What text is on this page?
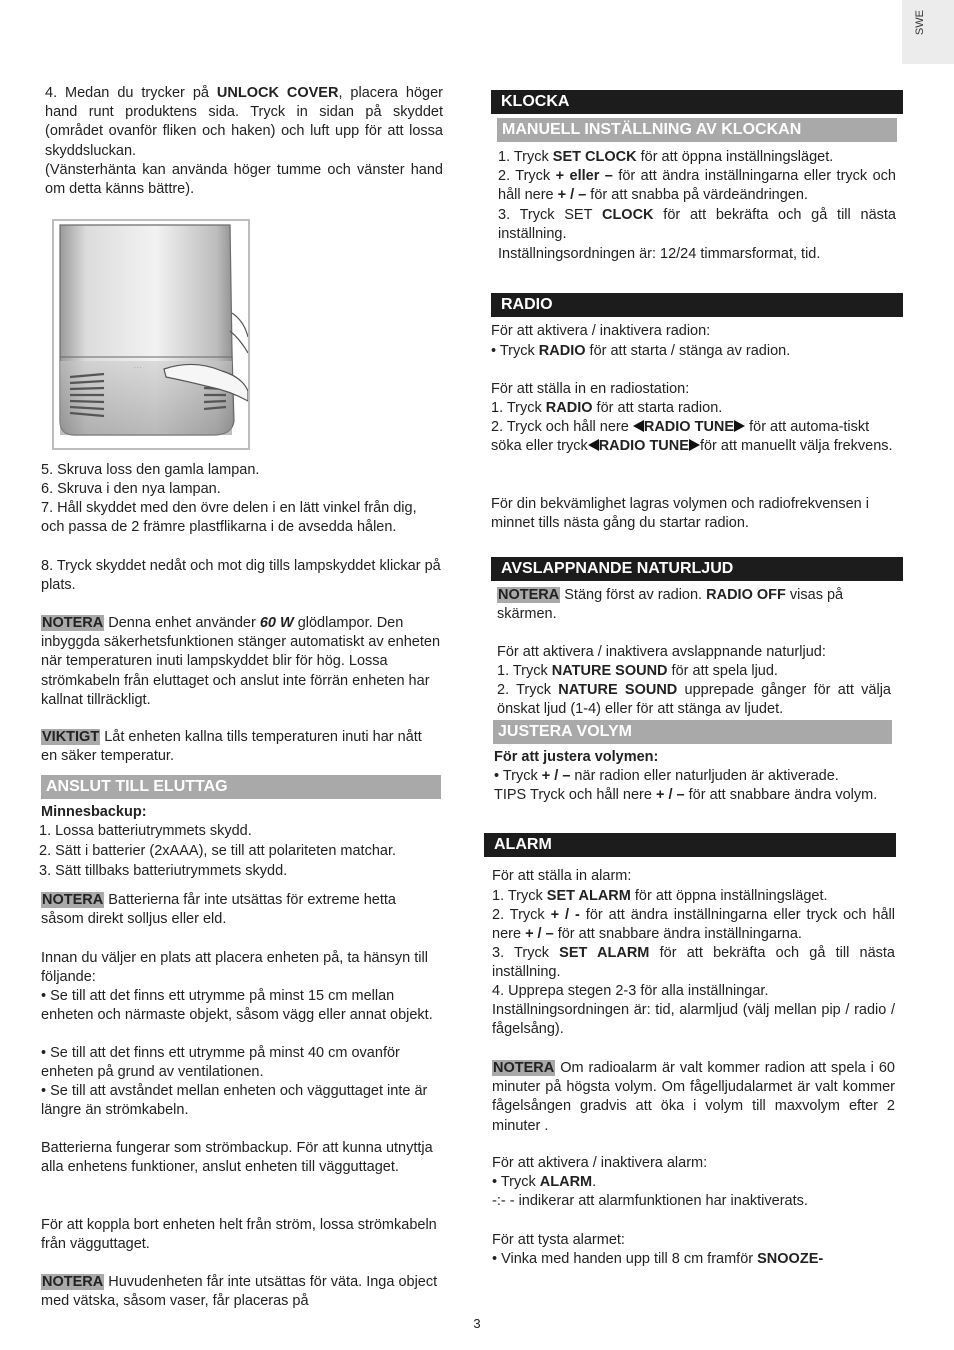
SWE
4. Medan du trycker på UNLOCK COVER, placera höger hand runt produktens sida. Tryck in sidan på skyddet (området ovanför fliken och haken) och luft upp för att lossa skyddsluckan.
(Vänsterhänta kan använda höger tumme och vänster hand om detta känns bättre).
· · ·
5. Skruva loss den gamla lampan.
6. Skruva i den nya lampan.
7. Håll skyddet med den övre delen i en lätt vinkel från dig, och passa de 2 främre plastflikarna i de avsedda hålen.
8. Tryck skyddet nedåt och mot dig tills lampskyddet klickar på plats.
NOTERA Denna enhet använder 60 W glödlampor. Den inbyggda säkerhetsfunktionen stänger automatiskt av enheten när temperaturen inuti lampskyddet blir för hög. Lossa strömkabeln från eluttaget och anslut inte förrän enheten har kallnat tillräckligt.
VIKTIGT Låt enheten kallna tills temperaturen inuti har nått en säker temperatur.
ANSLUT TILL ELUTTAG
Minnesbackup:
1. Lossa batteriutrymmets skydd.
2. Sätt i batterier (2xAAA), se till att polariteten matchar.
3. Sätt tillbaks batteriutrymmets skydd.
NOTERA Batterierna får inte utsättas för extreme hetta såsom direkt solljus eller eld.
Innan du väljer en plats att placera enheten på, ta hänsyn till följande:
• Se till att det finns ett utrymme på minst 15 cm mellan enheten och närmaste objekt, såsom vägg eller annat objekt.
• Se till att det finns ett utrymme på minst 40 cm ovanför enheten på grund av ventilationen.
• Se till att avståndet mellan enheten och vägguttaget inte är längre än strömkabeln.
Batterierna fungerar som strömbackup. För att kunna utnyttja alla enhetens funktioner, anslut enheten till vägguttaget.
För att koppla bort enheten helt från ström, lossa strömkabeln från vägguttaget.
NOTERA Huvudenheten får inte utsättas för väta. Inga object med vätska, såsom vaser, får placeras på
KLOCKA
MANUELL INSTÄLLNING AV KLOCKAN
1. Tryck SET CLOCK för att öppna inställningsläget.
2. Tryck + eller – för att ändra inställningarna eller tryck och håll nere + / – för att snabba på värdeändringen.
3. Tryck SET CLOCK för att bekräfta och gå till nästa inställning.
Inställningsordningen är: 12/24 timmarsformat, tid.
RADIO
För att aktivera / inaktivera radion:
• Tryck RADIO för att starta / stänga av radion.
För att ställa in en radiostation:
1. Tryck RADIO för att starta radion.
2. Tryck och håll nere RADIO TUNE för att automa-tiskt söka eller tryck RADIO TUNE för att manuellt välja frekvens.
För din bekvämlighet lagras volymen och radiofrekvensen i minnet tills nästa gång du startar radion.
AVSLAPPNANDE NATURLJUD
NOTERA Stäng först av radion. RADIO OFF visas på skärmen.
För att aktivera / inaktivera avslappnande naturljud:
1. Tryck NATURE SOUND för att spela ljud.
2. Tryck NATURE SOUND upprepade gånger för att välja önskat ljud (1-4) eller för att stänga av ljudet.
JUSTERA VOLYM
För att justera volymen:
• Tryck + / – när radion eller naturljuden är aktiverade.
TIPS Tryck och håll nere + / – för att snabbare ändra volym.
ALARM
För att ställa in alarm:
1. Tryck SET ALARM för att öppna inställningsläget.
2. Tryck + / - för att ändra inställningarna eller tryck och håll nere + / – för att snabbare ändra inställningarna.
3. Tryck SET ALARM för att bekräfta och gå till nästa inställning.
4. Upprepa stegen 2-3 för alla inställningar.
Inställningsordningen är: tid, alarmljud (välj mellan pip / radio / fågelsång).
NOTERA Om radioalarm är valt kommer radion att spela i 60 minuter på högsta volym. Om fågelljudalarmet är valt kommer fågelsången gradvis att öka i volym till maxvolym efter 2 minuter .
För att aktivera / inaktivera alarm:
• Tryck ALARM.
-:- - indikerar att alarmfunktionen har inaktiverats.
För att tysta alarmet:
• Vinka med handen upp till 8 cm framför SNOOZE-
3
